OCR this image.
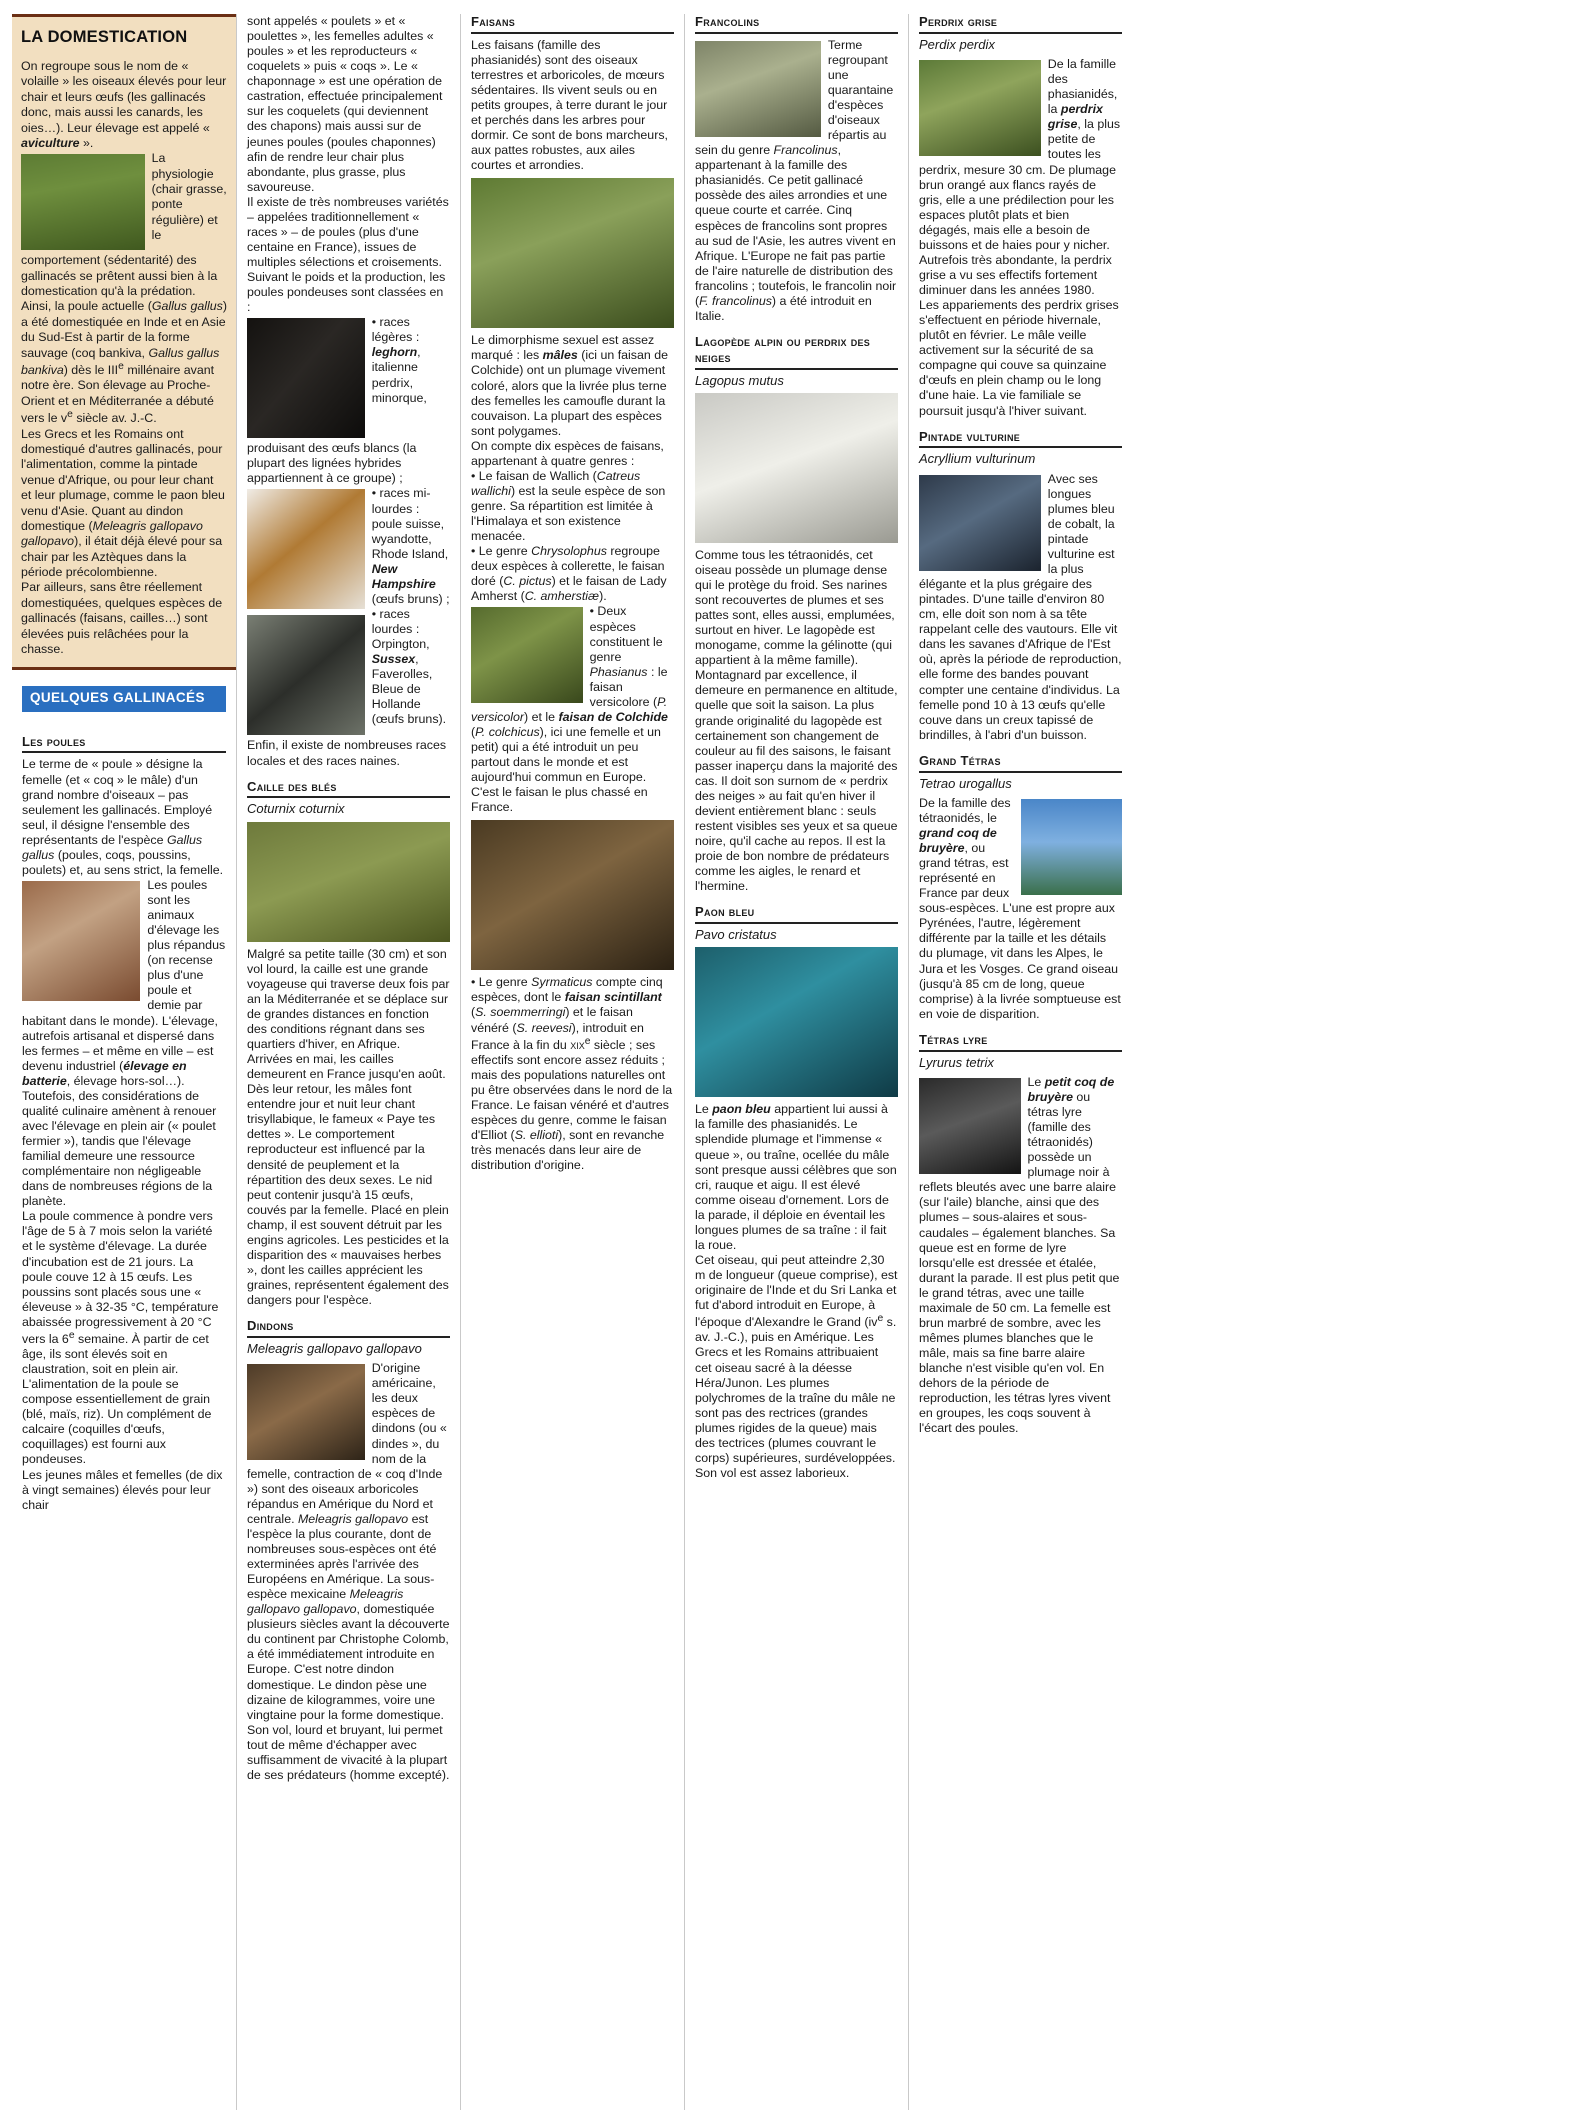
LA DOMESTICATION

On regroupe sous le nom de « volaille » les oiseaux élevés pour leur chair et leurs œufs (les gallinacés donc, mais aussi les canards, les oies…). Leur élevage est appelé « aviculture ».

La physiologie (chair grasse, ponte régulière) et le comportement (sédentarité) des gallinacés se prêtent aussi bien à la domestication qu'à la prédation. Ainsi, la poule actuelle (Gallus gallus) a été domestiquée en Inde et en Asie du Sud-Est à partir de la forme sauvage (coq bankiva, Gallus gallus bankiva) dès le IIIe millénaire avant notre ère. Son élevage au Proche-Orient et en Méditerranée a débuté vers le $v^e$ siècle av. J.-C.

Les Grecs et les Romains ont domestiqué d'autres gallinacés, pour l'alimentation, comme la pintade venue d'Afrique, ou pour leur chant et leur plumage, comme le paon bleu venu d'Asie. Quant au dindon domestique (Meleagris gallopavo gallopavo), il était déjà élevé pour sa chair par les Aztèques dans la période précolombienne.

Par ailleurs, sans être réellement domestiquées, quelques espèces de gallinacés (faisans, cailles…) sont élevées puis relâchées pour la chasse.

QUELQUES GALLINACÉS
Les poules

Le terme de « poule » désigne la femelle (et « coq » le mâle) d'un grand nombre d'oiseaux – pas seulement les gallinacés. Employé seul, il désigne l'ensemble des représentants de l'espèce Gallus gallus (poules, coqs, poussins, poulets) et, au sens strict, la femelle.

Les poules sont les animaux d'élevage les plus répandus (on recense plus d'une poule et demie par habitant dans le monde). L'élevage, autrefois artisanal et dispersé dans les fermes – et même en ville – est devenu industriel (élevage en batterie, élevage hors-sol…). Toutefois, des considérations de qualité culinaire amènent à renouer avec l'élevage en plein air (« poulet fermier »), tandis que l'élevage familial demeure une ressource complémentaire non négligeable dans de nombreuses régions de la planète.

La poule commence à pondre vers l'âge de 5 à 7 mois selon la variété et le système d'élevage. La durée d'incubation est de 21 jours. La poule couve 12 à 15 œufs. Les poussins sont placés sous une « éleveuse » à 32-35 °C, température abaissée progressivement à 20 °C vers la 6e semaine. À partir de cet âge, ils sont élevés soit en claustration, soit en plein air.

L'alimentation de la poule se compose essentiellement de grain (blé, maïs, riz). Un complément de calcaire (coquilles d'œufs, coquillages) est fourni aux pondeuses.

Les jeunes mâles et femelles (de dix à vingt semaines) élevés pour leur chair

sont appelés « poulets » et « poulettes », les femelles adultes « poules » et les reproducteurs « coquelets » puis « coqs ». Le « chaponnage » est une opération de castration, effectuée principalement sur les coquelets (qui deviennent des chapons) mais aussi sur de jeunes poules (poules chaponnes) afin de rendre leur chair plus abondante, plus grasse, plus savoureuse.

Il existe de très nombreuses variétés – appelées traditionnellement « races » – de poules (plus d'une centaine en France), issues de multiples sélections et croisements. Suivant le poids et la production, les poules pondeuses sont classées en :

• races légères : leghorn, italienne perdrix, minorque,

produisant des œufs blancs (la plupart des lignées hybrides appartiennent à ce groupe) ;

• races mi-lourdes : poule suisse, wyandotte, Rhode Island, New Hampshire (œufs bruns) ;

• races lourdes : Orpington, Sussex, Faverolles, Bleue de Hollande (œufs bruns).

Enfin, il existe de nombreuses races locales et des races naines.

Caille des blés
Coturnix coturnix

Malgré sa petite taille (30 cm) et son vol lourd, la caille est une grande voyageuse qui traverse deux fois par an la Méditerranée et se déplace sur de grandes distances en fonction des conditions régnant dans ses quartiers d'hiver, en Afrique.

Arrivées en mai, les cailles demeurent en France jusqu'en août. Dès leur retour, les mâles font entendre jour et nuit leur chant trisyllabique, le fameux « Paye tes dettes ». Le comportement reproducteur est influencé par la densité de peuplement et la répartition des deux sexes. Le nid peut contenir jusqu'à 15 œufs, couvés par la femelle. Placé en plein champ, il est souvent détruit par les engins agricoles. Les pesticides et la disparition des « mauvaises herbes », dont les cailles apprécient les graines, représentent également des dangers pour l'espèce.

Dindons
Meleagris gallopavo gallopavo

D'origine américaine, les deux espèces de dindons (ou « dindes », du nom de la femelle, contraction de « coq d'Inde ») sont des oiseaux arboricoles répandus en Amérique du Nord et centrale. Meleagris gallopavo est l'espèce la plus courante, dont de nombreuses sous-espèces ont été exterminées après l'arrivée des Européens en Amérique. La sous-espèce mexicaine Meleagris gallopavo gallopavo, domestiquée plusieurs siècles avant la découverte du continent par Christophe Colomb, a été immédiatement introduite en Europe. C'est notre dindon domestique. Le dindon pèse une dizaine de kilogrammes, voire une vingtaine pour la forme domestique. Son vol, lourd et bruyant, lui permet tout de même d'échapper avec suffisamment de vivacité à la plupart de ses prédateurs (homme excepté).

Faisans

Les faisans (famille des phasianidés) sont des oiseaux terrestres et arboricoles, de mœurs sédentaires. Ils vivent seuls ou en petits groupes, à terre durant le jour et perchés dans les arbres pour dormir. Ce sont de bons marcheurs, aux pattes robustes, aux ailes courtes et arrondies.

Le dimorphisme sexuel est assez marqué : les mâles (ici un faisan de Colchide) ont un plumage vivement coloré, alors que la livrée plus terne des femelles les camoufle durant la couvaison. La plupart des espèces sont polygames.

On compte dix espèces de faisans, appartenant à quatre genres :

• Le faisan de Wallich (Catreus wallichi) est la seule espèce de son genre. Sa répartition est limitée à l'Himalaya et son existence menacée.

• Le genre Chrysolophus regroupe deux espèces à collerette, le faisan doré (C. pictus) et le faisan de Lady Amherst (C. amherstiæ).

• Deux espèces constituent le genre Phasianus : le faisan versicolore (P. versicolor) et le faisan de Colchide (P. colchicus), ici une femelle et un petit) qui a été introduit un peu partout dans le monde et est aujourd'hui commun en Europe. C'est le faisan le plus chassé en France.

• Le genre Syrmaticus compte cinq espèces, dont le faisan scintillant (S. soemmerringi) et le faisan vénéré (S. reevesi), introduit en France à la fin du xix$^e$ siècle ; ses effectifs sont encore assez réduits ; mais des populations naturelles ont pu être observées dans le nord de la France. Le faisan vénéré et d'autres espèces du genre, comme le faisan d'Elliot (S. ellioti), sont en revanche très menacés dans leur aire de distribution d'origine.

Francolins

Terme regroupant une quarantaine d'espèces d'oiseaux répartis au sein du genre Francolinus, appartenant à la famille des phasianidés. Ce petit gallinacé possède des ailes arrondies et une queue courte et carrée. Cinq espèces de francolins sont propres au sud de l'Asie, les autres vivent en Afrique. L'Europe ne fait pas partie de l'aire naturelle de distribution des francolins ; toutefois, le francolin noir (F. francolinus) a été introduit en Italie.

Lagopède alpin ou perdrix des neiges
Lagopus mutus

Comme tous les tétraonidés, cet oiseau possède un plumage dense qui le protège du froid. Ses narines sont recouvertes de plumes et ses pattes sont, elles aussi, emplumées, surtout en hiver. Le lagopède est monogame, comme la gélinotte (qui appartient à la même famille). Montagnard par excellence, il demeure en permanence en altitude, quelle que soit la saison. La plus grande originalité du lagopède est certainement son changement de couleur au fil des saisons, le faisant passer inaperçu dans la majorité des cas. Il doit son surnom de « perdrix des neiges » au fait qu'en hiver il devient entièrement blanc : seuls restent visibles ses yeux et sa queue noire, qu'il cache au repos. Il est la proie de bon nombre de prédateurs comme les aigles, le renard et l'hermine.

Paon bleu
Pavo cristatus

Le paon bleu appartient lui aussi à la famille des phasianidés. Le splendide plumage et l'immense « queue », ou traîne, ocellée du mâle sont presque aussi célèbres que son cri, rauque et aigu. Il est élevé comme oiseau d'ornement. Lors de la parade, il déploie en éventail les longues plumes de sa traîne : il fait la roue.

Cet oiseau, qui peut atteindre 2,30 m de longueur (queue comprise), est originaire de l'Inde et du Sri Lanka et fut d'abord introduit en Europe, à l'époque d'Alexandre le Grand ($iv^e$ s. av. J.-C.), puis en Amérique. Les Grecs et les Romains attribuaient cet oiseau sacré à la déesse Héra/Junon. Les plumes polychromes de la traîne du mâle ne sont pas des rectrices (grandes plumes rigides de la queue) mais des tectrices (plumes couvrant le corps) supérieures, surdéveloppées. Son vol est assez laborieux.

Perdrix grise
Perdix perdix

De la famille des phasianidés, la perdrix grise, la plus petite de toutes les perdrix, mesure 30 cm. De plumage brun orangé aux flancs rayés de gris, elle a une prédilection pour les espaces plutôt plats et bien dégagés, mais elle a besoin de buissons et de haies pour y nicher. Autrefois très abondante, la perdrix grise a vu ses effectifs fortement diminuer dans les années 1980.

Les appariements des perdrix grises s'effectuent en période hivernale, plutôt en février. Le mâle veille activement sur la sécurité de sa compagne qui couve sa quinzaine d'œufs en plein champ ou le long d'une haie. La vie familiale se poursuit jusqu'à l'hiver suivant.

Pintade vulturine
Acryllium vulturinum

Avec ses longues plumes bleu de cobalt, la pintade vulturine est la plus élégante et la plus grégaire des pintades. D'une taille d'environ 80 cm, elle doit son nom à sa tête rappelant celle des vautours. Elle vit dans les savanes d'Afrique de l'Est où, après la période de reproduction, elle forme des bandes pouvant compter une centaine d'individus. La femelle pond 10 à 13 œufs qu'elle couve dans un creux tapissé de brindilles, à l'abri d'un buisson.

Grand Tétras
Tetrao urogallus

De la famille des tétraonidés, le grand coq de bruyère, ou grand tétras, est représenté en France par deux sous-espèces. L'une est propre aux Pyrénées, l'autre, légèrement différente par la taille et les détails du plumage, vit dans les Alpes, le Jura et les Vosges. Ce grand oiseau (jusqu'à 85 cm de long, queue comprise) à la livrée somptueuse est en voie de disparition.

Tétras lyre
Lyrurus tetrix

Le petit coq de bruyère ou tétras lyre (famille des tétraonidés) possède un plumage noir à reflets bleutés avec une barre alaire (sur l'aile) blanche, ainsi que des plumes – sous-alaires et sous-caudales – également blanches. Sa queue est en forme de lyre lorsqu'elle est dressée et étalée, durant la parade. Il est plus petit que le grand tétras, avec une taille maximale de 50 cm. La femelle est brun marbré de sombre, avec les mêmes plumes blanches que le mâle, mais sa fine barre alaire blanche n'est visible qu'en vol. En dehors de la période de reproduction, les tétras lyres vivent en groupes, les coqs souvent à l'écart des poules.
